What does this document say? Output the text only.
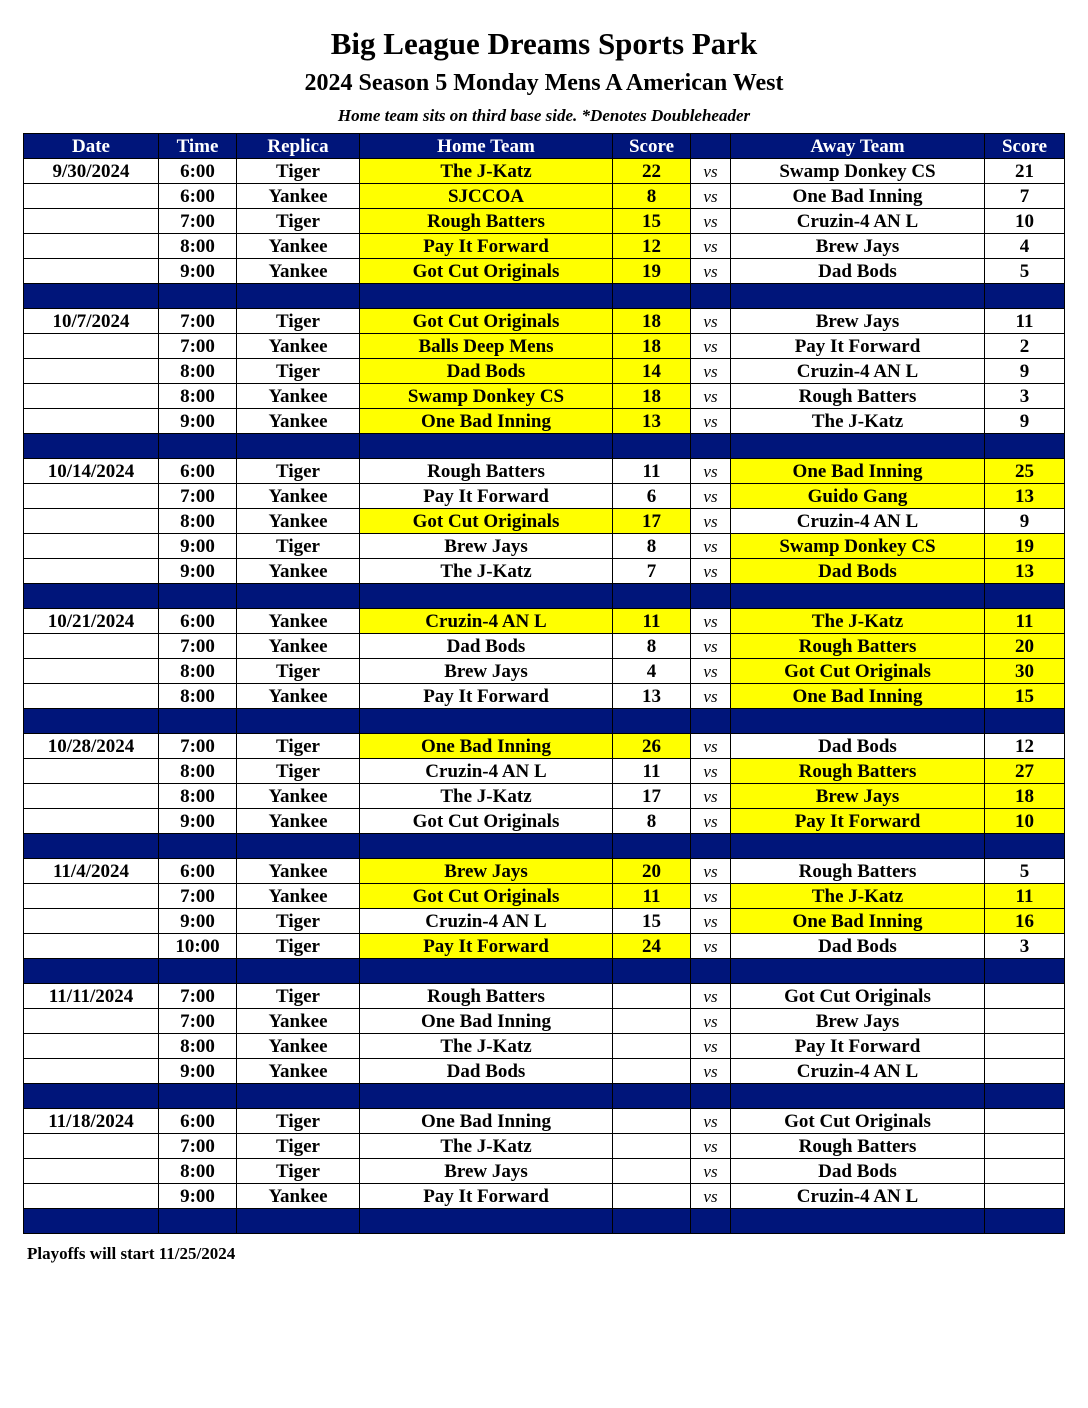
Big League Dreams Sports Park
2024 Season 5 Monday Mens A American West
Home team sits on third base side. *Denotes Doubleheader
Date	Time	Replica	Home Team	Score		Away Team	Score
9/30/2024	6:00	Tiger	The J-Katz	22	vs	Swamp Donkey CS	21
	6:00	Yankee	SJCCOA	8	vs	One Bad Inning	7
	7:00	Tiger	Rough Batters	15	vs	Cruzin-4 AN L	10
	8:00	Yankee	Pay It Forward	12	vs	Brew Jays	4
	9:00	Yankee	Got Cut Originals	19	vs	Dad Bods	5

10/7/2024	7:00	Tiger	Got Cut Originals	18	vs	Brew Jays	11
	7:00	Yankee	Balls Deep Mens	18	vs	Pay It Forward	2
	8:00	Tiger	Dad Bods	14	vs	Cruzin-4 AN L	9
	8:00	Yankee	Swamp Donkey CS	18	vs	Rough Batters	3
	9:00	Yankee	One Bad Inning	13	vs	The J-Katz	9

10/14/2024	6:00	Tiger	Rough Batters	11	vs	One Bad Inning	25
	7:00	Yankee	Pay It Forward	6	vs	Guido Gang	13
	8:00	Yankee	Got Cut Originals	17	vs	Cruzin-4 AN L	9
	9:00	Tiger	Brew Jays	8	vs	Swamp Donkey CS	19
	9:00	Yankee	The J-Katz	7	vs	Dad Bods	13

10/21/2024	6:00	Yankee	Cruzin-4 AN L	11	vs	The J-Katz	11
	7:00	Yankee	Dad Bods	8	vs	Rough Batters	20
	8:00	Tiger	Brew Jays	4	vs	Got Cut Originals	30
	8:00	Yankee	Pay It Forward	13	vs	One Bad Inning	15

10/28/2024	7:00	Tiger	One Bad Inning	26	vs	Dad Bods	12
	8:00	Tiger	Cruzin-4 AN L	11	vs	Rough Batters	27
	8:00	Yankee	The J-Katz	17	vs	Brew Jays	18
	9:00	Yankee	Got Cut Originals	8	vs	Pay It Forward	10

11/4/2024	6:00	Yankee	Brew Jays	20	vs	Rough Batters	5
	7:00	Yankee	Got Cut Originals	11	vs	The J-Katz	11
	9:00	Tiger	Cruzin-4 AN L	15	vs	One Bad Inning	16
	10:00	Tiger	Pay It Forward	24	vs	Dad Bods	3

11/11/2024	7:00	Tiger	Rough Batters		vs	Got Cut Originals	
	7:00	Yankee	One Bad Inning		vs	Brew Jays	
	8:00	Yankee	The J-Katz		vs	Pay It Forward	
	9:00	Yankee	Dad Bods		vs	Cruzin-4 AN L	

11/18/2024	6:00	Tiger	One Bad Inning		vs	Got Cut Originals	
	7:00	Tiger	The J-Katz		vs	Rough Batters	
	8:00	Tiger	Brew Jays		vs	Dad Bods	
	9:00	Yankee	Pay It Forward		vs	Cruzin-4 AN L	

Playoffs will start 11/25/2024
